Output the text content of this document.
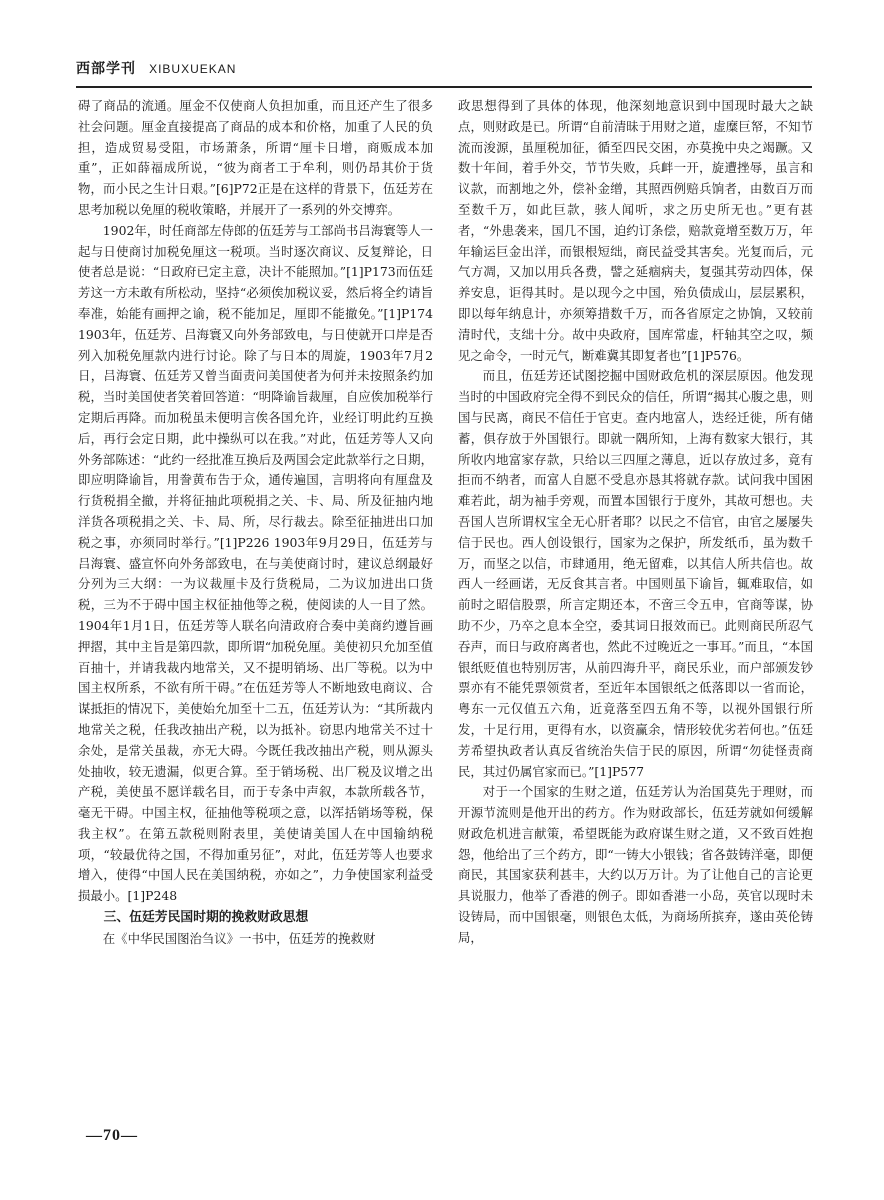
西部学刊 XIBUXUEKAN

碍了商品的流通。厘金不仅使商人负担加重，而且还产生了很多社会问题。厘金直接提高了商品的成本和价格，加重了人民的负担，造成贸易受阻，市场萧条，所谓“厘卡日增，商贩成本加重”，正如薛福成所说，“彼为商者工于牟利，则仍昂其价于货物，而小民之生计日艰。”[6]P72正是在这样的背景下，伍廷芳在思考加税以免厘的税收策略，并展开了一系列的外交博弈。

1902年，时任商部左侍郎的伍廷芳与工部尚书吕海寰等人一起与日使商讨加税免厘这一税项。当时逐次商议、反复辩论，日使者总是说：“日政府已定主意，决计不能照加。”[1]P173而伍廷芳这一方未敢有所松动，坚持“必须俟加税议妥，然后将全约请旨奉准，始能有画押之谕，税不能加足，厘即不能撤免。”[1]P174 1903年，伍廷芳、吕海寰又向外务部致电，与日使就开口岸是否列入加税免厘款内进行讨论。除了与日本的周旋，1903年7月2日，吕海寰、伍廷芳又曾当面责问美国使者为何并未按照条约加税，当时美国使者笑着回答道：“明降谕旨裁厘，自应俟加税举行定期后再降。而加税虽未便明言俟各国允许，业经订明此约互换后，再行会定日期，此中操纵可以在我。”对此，伍廷芳等人又向外务部陈述：“此约一经批准互换后及两国会定此款举行之日期，即应明降谕旨，用誊黄布告于众，通传遍国，言明将向有厘盘及行货税捐全撤，并将征抽此项税捐之关、卡、局、所及征抽内地洋货各项税捐之关、卡、局、所，尽行裁去。除至征抽进出口加税之事，亦须同时举行。”[1]P226 1903年9月29日，伍廷芳与吕海寰、盛宣怀向外务部致电，在与美使商讨时，建议总纲最好分列为三大纲：一为议裁厘卡及行货税局，二为议加进出口货税，三为不于碍中国主权征抽他等之税，使阅读的人一目了然。1904年1月1日，伍廷芳等人联名向清政府合奏中美商约遵旨画押摺，其中主旨是第四款，即所谓“加税免厘。美使初只允加至值百抽十，并请我裁内地常关，又不提明销场、出厂等税。以为中国主权所系，不欲有所干碍。”在伍廷芳等人不断地致电商议、合谋抵拒的情况下，美使始允加至十二五，伍廷芳认为：“其所裁内地常关之税，任我改抽出产税，以为抵补。窃思内地常关不过十余处，是常关虽裁，亦无大碍。今既任我改抽出产税，则从源头处抽收，较无遗漏，似更合算。至于销场税、出厂税及议增之出产税，美使虽不愿详载名目，而于专条中声叙，本款所载各节，毫无干碍。中国主权，征抽他等税项之意，以浑括销场等税，保我主权”。在第五款税则附表里，美使请美国人在中国输纳税项，“较最优待之国，不得加重另征”，对此，伍廷芳等人也要求增入，使得“中国人民在美国纳税，亦如之”，力争使国家利益受损最小。[1]P248

三、伍廷芳民国时期的挽救财政思想

在《中华民国图治刍议》一书中，伍廷芳的挽救财

政思想得到了具体的体现，他深刻地意识到中国现时最大之缺点，则财政是已。所谓“自前清昧于用财之道，虚糜巨帑，不知节流而浚源，虽厘税加征，循至四民交困，亦莫挽中央之竭蹶。又数十年间，着手外交，节节失败，兵衅一开，旋遭挫辱，虽言和议款，而割地之外，偿补金缯，其照西例赔兵饷者，由数百万而至数千万，如此巨款，骇人闻听，求之历史所无也。”更有甚者，“外患袭来，国几不国，迫约订条偿，赔款竟增至数万万，年年输运巨金出洋，而银根短绌，商民益受其害矣。光复而后，元气方凋，又加以用兵各费，譬之延痼病夫，复强其劳动四体，保养安息，讵得其时。是以现今之中国，殆负债成山，层层累积，即以每年纳息计，亦须筹措数千万，而各省原定之协饷，又较前清时代，支绌十分。故中央政府，国库常虚，杆轴其空之叹，频见之命令，一时元气，断难冀其即复者也”[1]P576。

而且，伍廷芳还试图挖掘中国财政危机的深层原因。他发现当时的中国政府完全得不到民众的信任，所谓“揭其心腹之患，则国与民离，商民不信任于官吏。查内地富人，迭经迁徙，所有储蓄，俱存放于外国银行。即就一隅所知，上海有数家大银行，其所收内地富家存款，只给以三四厘之薄息，近以存放过多，竟有拒而不纳者，而富人自愿不受息亦恳其将就存款。试问我中国困难若此，胡为袖手旁观，而置本国银行于度外，其故可想也。夫吾国人岂所谓权宝全无心肝者耶？以民之不信官，由官之屡屡失信于民也。西人创设银行，国家为之保护，所发纸币，虽为数千万，而坚之以信，市肆通用，绝无留难，以其信人所共信也。故西人一经画诺，无反食其言者。中国则虽下谕旨，辄难取信，如前时之昭信股票，所言定期还本，不啻三令五申，官商等谋，协助不少，乃卒之息本全空，委其词日报效而已。此则商民所忍气吞声，而日与政府离者也，然此不过晚近之一事耳。”而且，“本国银纸贬值也特别厉害，从前四海升平，商民乐业，而户部颁发钞票亦有不能凭票领赏者，至近年本国银纸之低落即以一省而论，粤东一元仅值五六角，近竟落至四五角不等，以视外国银行所发，十足行用，更得有水，以资赢余，情形较优劣若何也。”伍廷芳希望执政者认真反省统治失信于民的原因，所谓“勿徒怪责商民，其过仍属官家而已。”[1]P577

对于一个国家的生财之道，伍廷芳认为治国莫先于理财，而开源节流则是他开出的药方。作为财政部长，伍廷芳就如何缓解财政危机进言献策，希望既能为政府谋生财之道，又不致百姓抱怨，他给出了三个药方，即“一铸大小银钱；省各鼓铸洋毫，即便商民，其国家获利甚丰，大约以万万计。为了让他自己的言论更具说服力，他举了香港的例子。即如香港一小岛，英官以现时未设铸局，而中国银毫，则银色太低，为商场所摈弃，遂由英伦铸局，

—70—
